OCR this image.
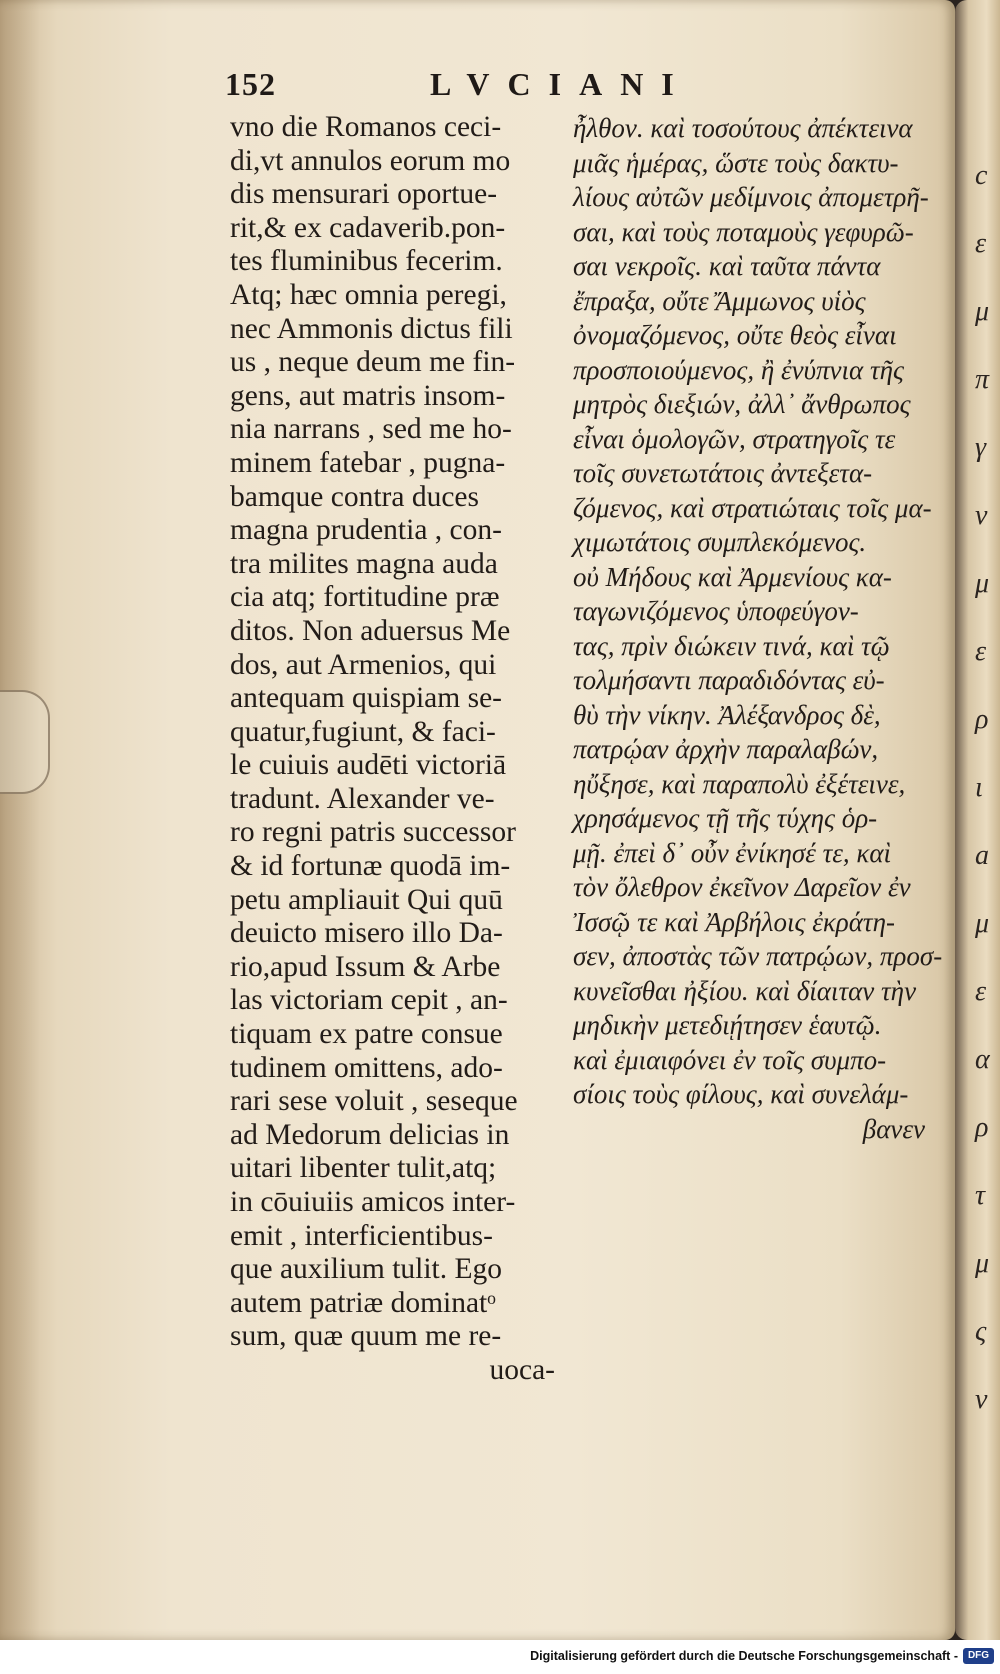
152	LVCIANI
vno die Romanos ceci-
di,vt annulos eorum mo
dis mensurari oportue-
rit,& ex cadaverib.pon-
tes fluminibus fecerim.
Atq; hæc omnia peregi,
nec Ammonis dictus fili
us , neque deum me fin-
gens, aut matris insom-
nia narrans , sed me ho-
minem fatebar , pugna-
bamque contra duces
magna prudentia , con-
tra milites magna auda
cia atq; fortitudine præ
ditos. Non aduersus Me
dos, aut Armenios, qui
antequam quispiam se-
quatur,fugiunt, & faci-
le cuiuis audēti victoriā
tradunt. Alexander ve-
ro regni patris successor
& id fortunæ quodā im-
petu ampliauit Qui quū
deuicto misero illo Da-
rio,apud Issum & Arbe
las victoriam cepit , an-
tiquam ex patre consue
tudinem omittens, ado-
rari sese voluit , seseque
ad Medorum delicias in
uitari libenter tulit,atq;
in cōuiuiis amicos inter-
emit , interficientibus-
que auxilium tulit. Ego
autem patriæ dominatᵒ
sum, quæ quum me re-
uoca-
ἦλθον. καὶ τοσούτους ἀπέκτεινα
μιᾶς ἡμέρας, ὥστε τοὺς δακτυ-
λίους αὐτῶν μεδίμνοις ἀπομετρῆ-
σαι, καὶ τοὺς ποταμοὺς γεφυρῶ-
σαι νεκροῖς. καὶ ταῦτα πάντα
ἔπραξα, οὔτε Ἄμμωνος υἱὸς
ὀνομαζόμενος, οὔτε θεὸς εἶναι
προσποιούμενος, ἢ ἐνύπνια τῆς
μητρὸς διεξιών, ἀλλ᾽ ἄνθρωπος
εἶναι ὁμολογῶν, στρατηγοῖς τε
τοῖς συνετωτάτοις ἀντεξετα-
ζόμενος, καὶ στρατιώταις τοῖς μα-
χιμωτάτοις συμπλεκόμενος.
οὐ Μήδους καὶ Ἀρμενίους κα-
ταγωνιζόμενος ὑποφεύγον-
τας, πρὶν διώκειν τινά, καὶ τῷ
τολμήσαντι παραδιδόντας εὐ-
θὺ τὴν νίκην. Ἀλέξανδρος δὲ,
πατρῴαν ἀρχὴν παραλαβών,
ηὔξησε, καὶ παραπολὺ ἐξέτεινε,
χρησάμενος τῇ τῆς τύχης ὁρ-
μῇ. ἐπεὶ δ᾽ οὖν ἐνίκησέ τε, καὶ
τὸν ὄλεθρον ἐκεῖνον Δαρεῖον ἐν
Ἰσσῷ τε καὶ Ἀρβήλοις ἐκράτη-
σεν, ἀποστὰς τῶν πατρῴων, προσ-
κυνεῖσθαι ἠξίου. καὶ δίαιταν τὴν
μηδικὴν μετεδιῄτησεν ἑαυτῷ.
καὶ ἐμιαιφόνει ἐν τοῖς συμπο-
σίοις τοὺς φίλους, καὶ συνελάμ-
βανεν
c
ε
μ
π
γ
ν
μ
ε
ρ
ι
a
μ
ε
α
ρ
τ
μ
ς
ν
Digitalisierung gefördert durch die Deutsche Forschungsgemeinschaft - DFG
